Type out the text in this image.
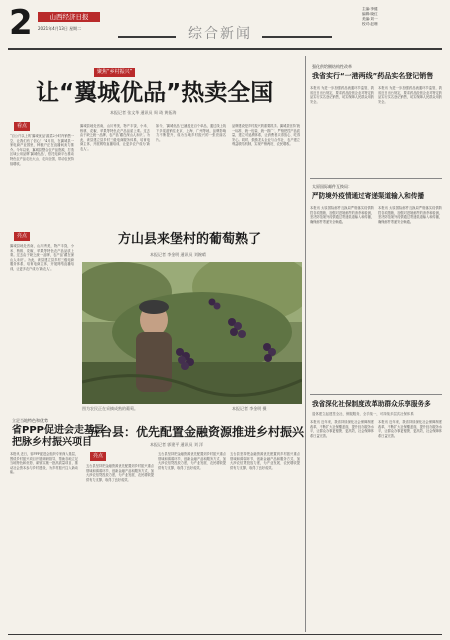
2	山西经济日报
2021年4月13日 星期二	综合新闻
主编:李健
编辑:晓红
美编:刘一
校对:赵珊
聚焦“乡村振兴”
让“翼城优品”热卖全国
本报记者 张文华 通讯员 周 琦 黄拓海
看点
“百公斤以上的‘翼城优品’蔬菜2小时内销售一空，让我们有了信心！”4月初，在翼城县一家电商产业园里，种植户正在直播间卖力推介。今年以来，翼城县整合农产品资源，打造区域公用品牌‘翼城优品’，依托电商平台推动特色农产品走出大山、走向全国，带动农民持续增收。
翼城县地处晋南，山川秀美，物产丰饶，小米、核桃、花椒、苹果等特色农产品品质上乘。过去由于缺乏统一品牌，农产品‘藏在深山人未识’。为此，该县建立县乡村三级电商服务体系，培育电商主体，开展网络直播培训，让更多农户成为‘新农人’。
如今，‘翼城优品’已涵盖近百个单品，通过线上线下多渠道销往北京、上海、广州等地，品牌影响力不断提升，成为当地乡村振兴的一张亮丽名片。
品牌建设是乡村振兴的重要抓手。翼城县坚持‘统一标准、统一包装、统一推广’，严格把控产品质量，建立可追溯体系，让消费者买得放心、吃得安心。同时，鼓励龙头企业与合作社、农户建立利益联结机制，实现产销两旺、农民增收。
亮点
翼城县地处晋南，山川秀美，物产丰饶，小米、核桃、花椒、苹果等特色农产品品质上乘。过去由于缺乏统一品牌，农产品‘藏在深山人未识’。为此，该县建立县乡村三级电商服务体系，培育电商主体，开展网络直播培训，让更多农户成为‘新农人’。
方山县来堡村的葡萄熟了
本报记者 李金明 通讯员 刘婉晴
图为农民正在采摘成熟的葡萄。	本报记者 李金明 摄
立足当地特色和优势
省PPP促进会走基层
把脉乡村振兴项目
本报讯 近日，省PPP促进会组织专家深入基层，围绕乡村振兴项目开展调研指导，帮助各地立足当地特色和优势，谋划实施一批高质量项目，推动社会资本参与乡村建设，为乡村振兴注入新动能。
五台县：优先配置金融资源推进乡村振兴
本报记者 郭建平 通讯员 刘 洋
亮点
五台县坚持把金融资源优先配置到乡村振兴重点领域和薄弱环节，创新金融产品和服务方式，加大涉农信贷投放力度，为产业发展、农民增收提供有力支撑，取得了良好成效。
五台县坚持把金融资源优先配置到乡村振兴重点领域和薄弱环节，创新金融产品和服务方式，加大涉农信贷投放力度，为产业发展、农民增收提供有力支撑，取得了良好成效。
五台县坚持把金融资源优先配置到乡村振兴重点领域和薄弱环节，创新金融产品和服务方式，加大涉农信贷投放力度，为产业发展、农民增收提供有力支撑，取得了良好成效。
强化供给侧结构性改革
我省实行“一港两线”药品实名登记销售
本报讯 为进一步加强药品流通环节监管，我省近日出台规定，要求药品经营企业对特定药品实行实名登记销售，切实保障人民群众用药安全。
本报讯 为进一步加强药品流通环节监管，我省近日出台规定，要求药品经营企业对特定药品实行实名登记销售，切实保障人民群众用药安全。
太原国际邮件互换局：
严防境外疫情通过寄递渠道输入和传播
本报讯 太原国际邮件互换局严格落实疫情防控各项措施，加强对进境邮件的消杀和检测，坚决防范境外疫情通过寄递渠道输入和传播，确保邮件寄递安全畅通。
本报讯 太原国际邮件互换局严格落实疫情防控各项措施，加强对进境邮件的消杀和检测，坚决防范境外疫情通过寄递渠道输入和传播，确保邮件寄递安全畅通。
我省深化社保制度改革助群众乐享服务多
退休建立起建签全社、保服服务，全手续一，可持续多层次社保体系
本报讯 近年来，我省持续深化社会保障制度改革，不断扩大社保覆盖面，提升经办服务水平，让群众办事更便捷、更高效，社会保障体系日益完善。
本报讯 近年来，我省持续深化社会保障制度改革，不断扩大社保覆盖面，提升经办服务水平，让群众办事更便捷、更高效，社会保障体系日益完善。
